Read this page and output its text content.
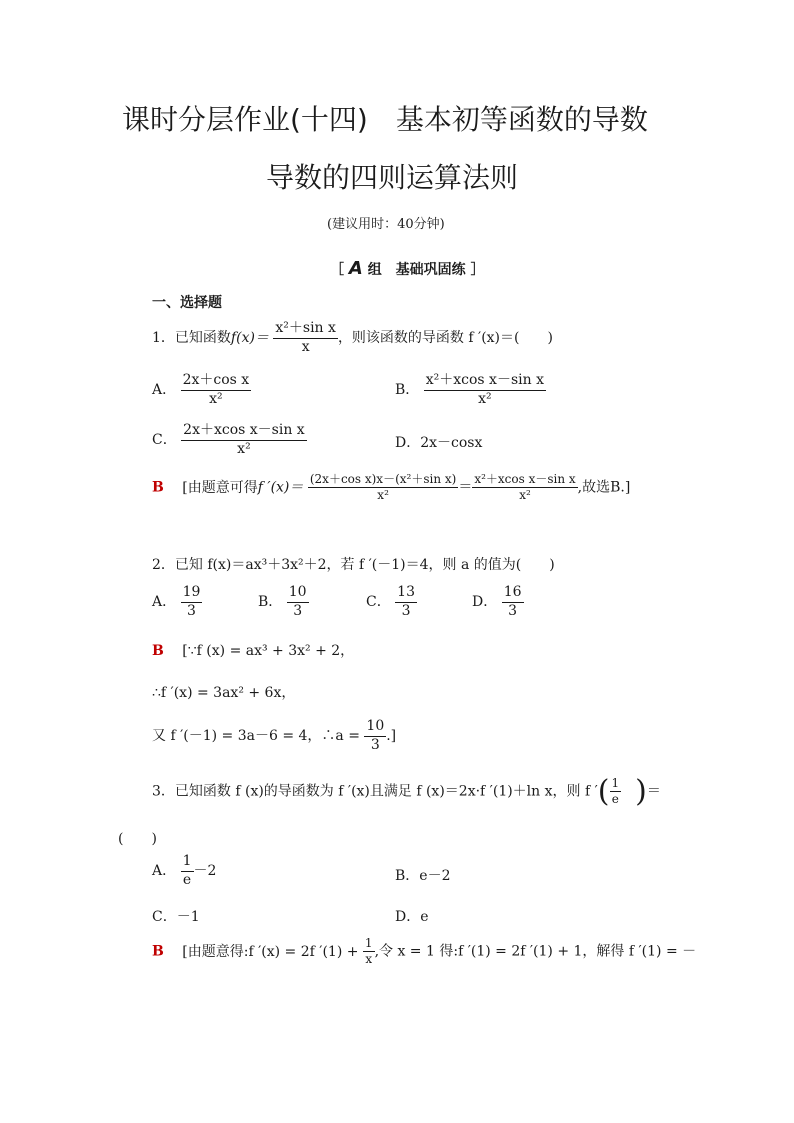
课时分层作业(十四)　基本初等函数的导数
导数的四则运算法则
(建议用时：40分钟)
［ A 组　基础巩固练 ］
一、选择题
1．已知函数$f(x)= \frac{\text{x²＋sin x}}{x}$ ，则该函数的导函数 f ′(x)＝(　　)
A． $\frac{\text{2x＋cos x}}{\text{x²}}$	B． $\frac{\text{x²＋xcos x－sin x}}{\text{x²}}$
C． $\frac{\text{2x＋xcos x－sin x}}{\text{x²}}$	D．2x－cosx
B [由题意可得f $'(x)= \frac{\text{(2x＋cos x)x－(x²＋sin x)}}{\text{x²}} = \frac{\text{x²＋xcos x－sin x}}{\text{x²}}$ ,故选B.]
2．已知 f(x)＝ax³＋3x²＋2，若 f ′(－1)＝4，则 a 的值为(　　)
A． $\frac{19}{3}$	B． $\frac{10}{3}$	C． $\frac{13}{3}$	D． $\frac{16}{3}$
B [∵f (x) = ax³ + 3x² + 2，
∴f ′(x) = 3ax² + 6x，
又 f ′(－1) = 3a－6 = 4，∴a = $\frac{10}{3}$ .]
3．已知函数 f (x)的导函数为 f ′(x)且满足 f (x)＝2x·f ′(1)＋ln x，则 f ′( $\frac{1}{e}$ )＝
(　　)
A． $\frac{1}{e} -2$	B．e－2
C．－1	D．e
B [由题意得:f ′(x) = 2f $'(1) + \frac{1}{x}$ ,令 x = 1 得:f ′(1) = 2f ′(1) + 1，解得 f ′(1) = －
